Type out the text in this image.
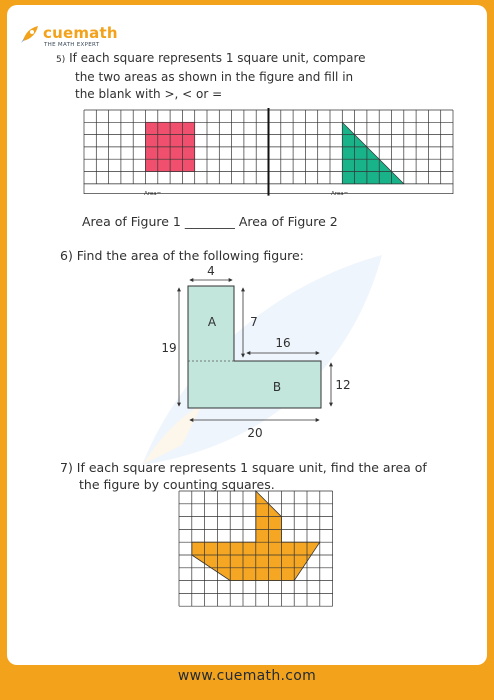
cuemath
THE MATH EXPERT
5) If each square represents 1 square unit, compare
the two areas as shown in the figure and fill in
the blank with >, < or =
Area=	Area=
Area of Figure 1 ________ Area of Figure 2
6) Find the area of the following figure:
4
19
7
16
12
20
A
B
7) If each square represents 1 square unit, find the area of
the figure by counting squares.
www.cuemath.com
